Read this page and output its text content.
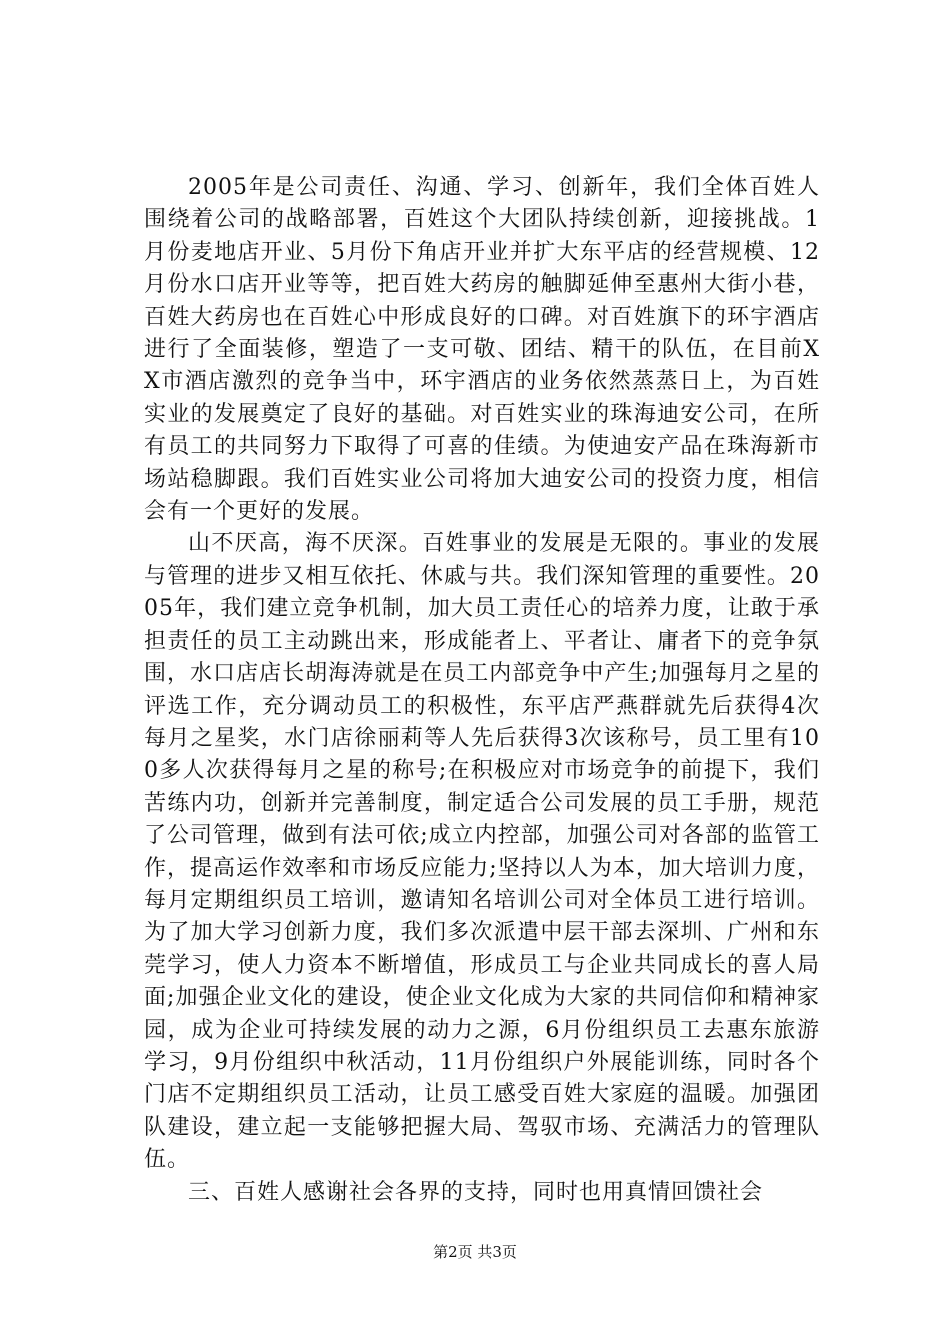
2005年是公司责任、沟通、学习、创新年，我们全体百姓人围绕着公司的战略部署，百姓这个大团队持续创新，迎接挑战。1月份麦地店开业、5月份下角店开业并扩大东平店的经营规模、12月份水口店开业等等，把百姓大药房的触脚延伸至惠州大街小巷，百姓大药房也在百姓心中形成良好的口碑。对百姓旗下的环宇酒店进行了全面装修，塑造了一支可敬、团结、精干的队伍，在目前XX市酒店激烈的竞争当中，环宇酒店的业务依然蒸蒸日上，为百姓实业的发展奠定了良好的基础。对百姓实业的珠海迪安公司，在所有员工的共同努力下取得了可喜的佳绩。为使迪安产品在珠海新市场站稳脚跟。我们百姓实业公司将加大迪安公司的投资力度，相信会有一个更好的发展。

山不厌高，海不厌深。百姓事业的发展是无限的。事业的发展与管理的进步又相互依托、休戚与共。我们深知管理的重要性。2005年，我们建立竞争机制，加大员工责任心的培养力度，让敢于承担责任的员工主动跳出来，形成能者上、平者让、庸者下的竞争氛围，水口店店长胡海涛就是在员工内部竞争中产生;加强每月之星的评选工作，充分调动员工的积极性，东平店严燕群就先后获得4次每月之星奖，水门店徐丽莉等人先后获得3次该称号，员工里有100多人次获得每月之星的称号;在积极应对市场竞争的前提下，我们苦练内功，创新并完善制度，制定适合公司发展的员工手册，规范了公司管理，做到有法可依;成立内控部，加强公司对各部的监管工作，提高运作效率和市场反应能力;坚持以人为本，加大培训力度，每月定期组织员工培训，邀请知名培训公司对全体员工进行培训。为了加大学习创新力度，我们多次派遣中层干部去深圳、广州和东莞学习，使人力资本不断增值，形成员工与企业共同成长的喜人局面;加强企业文化的建设，使企业文化成为大家的共同信仰和精神家园，成为企业可持续发展的动力之源，6月份组织员工去惠东旅游学习，9月份组织中秋活动，11月份组织户外展能训练，同时各个门店不定期组织员工活动，让员工感受百姓大家庭的温暖。加强团队建设，建立起一支能够把握大局、驾驭市场、充满活力的管理队伍。

三、百姓人感谢社会各界的支持，同时也用真情回馈社会

第2页 共3页
